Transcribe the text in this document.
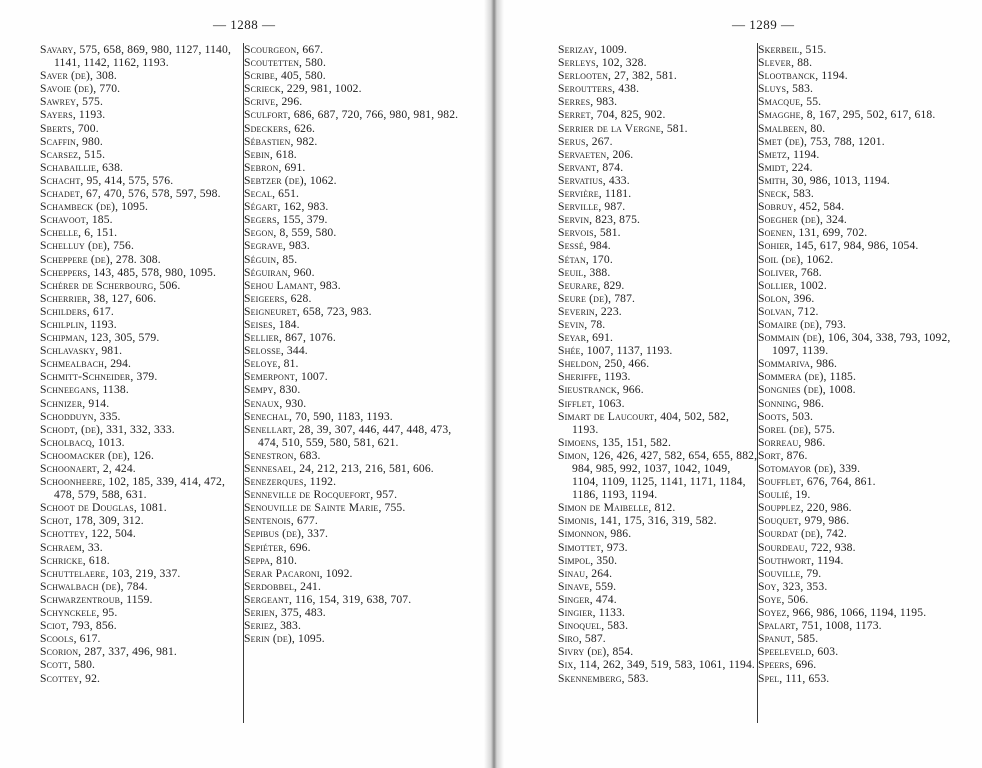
— 1288 —
Savary, 575, 658, 869, 980, 1127, 1140, 1141, 1142, 1162, 1193.
Saver (de), 308.
Savoie (de), 770.
Sawrey, 575.
Sayers, 1193.
Sberts, 700.
Scaffin, 980.
Scarsez, 515.
Schabaillie, 638.
Schacht, 95, 414, 575, 576.
Schadet, 67, 470, 576, 578, 597, 598.
Schambeck (de), 1095.
Schavoot, 185.
Schelle, 6, 151.
Schelluy (de), 756.
Scheppere (de), 278. 308.
Scheppers, 143, 485, 578, 980, 1095.
Schérer de Scherbourg, 506.
Scherrier, 38, 127, 606.
Schilders, 617.
Schilplin, 1193.
Schipman, 123, 305, 579.
Schlavasky, 981.
Schmealbach, 294.
Schmitt-Schneider, 379.
Schneegans, 1138.
Schnizer, 914.
Schodduyn, 335.
Schodt, (de), 331, 332, 333.
Scholbacq, 1013.
Schoomacker (de), 126.
Schoonaert, 2, 424.
Schoonheere, 102, 185, 339, 414, 472, 478, 579, 588, 631.
Schoot de Douglas, 1081.
Schot, 178, 309, 312.
Schottey, 122, 504.
Schraem, 33.
Schricke, 618.
Schuttelaere, 103, 219, 337.
Schwalbach (de), 784.
Schwarzentroub, 1159.
Schynckele, 95.
Sciot, 793, 856.
Scools, 617.
Scorion, 287, 337, 496, 981.
Scott, 580.
Scottey, 92.
Scourgeon, 667.
Scoutetten, 580.
Scribe, 405, 580.
Scrieck, 229, 981, 1002.
Scrive, 296.
Sculfort, 686, 687, 720, 766, 980, 981, 982.
Sdeckers, 626.
Sébastien, 982.
Sebin, 618.
Sebron, 691.
Sebtzer (de), 1062.
Secal, 651.
Ségart, 162, 983.
Segers, 155, 379.
Segon, 8, 559, 580.
Segrave, 983.
Séguin, 85.
Séguiran, 960.
Sehou Lamant, 983.
Seigeers, 628.
Seigneuret, 658, 723, 983.
Seises, 184.
Sellier, 867, 1076.
Selosse, 344.
Seloye, 81.
Semerpont, 1007.
Sempy, 830.
Senaux, 930.
Senechal, 70, 590, 1183, 1193.
Senellart, 28, 39, 307, 446, 447, 448, 473, 474, 510, 559, 580, 581, 621.
Senestron, 683.
Sennesael, 24, 212, 213, 216, 581, 606.
Senezerques, 1192.
Senneville de Rocquefort, 957.
Senouville de Sainte Marie, 755.
Sentenois, 677.
Sepibus (de), 337.
Sepiéter, 696.
Seppa, 810.
Serar Pacaroni, 1092.
Serdobbel, 241.
Sergeant, 116, 154, 319, 638, 707.
Serien, 375, 483.
Seriez, 383.
Serin (de), 1095.
— 1289 —
Serizay, 1009.
Serleys, 102, 328.
Serlooten, 27, 382, 581.
Seroutters, 438.
Serres, 983.
Serret, 704, 825, 902.
Serrier de la Vergne, 581.
Serus, 267.
Servaeten, 206.
Servant, 874.
Servatius, 433.
Servière, 1181.
Serville, 987.
Servin, 823, 875.
Servois, 581.
Sessé, 984.
Sétan, 170.
Seuil, 388.
Seurare, 829.
Seure (de), 787.
Severin, 223.
Sevin, 78.
Seyar, 691.
Shée, 1007, 1137, 1193.
Sheldon, 250, 466.
Sheriffe, 1193.
Sieustranck, 966.
Sifflet, 1063.
Simart de Laucourt, 404, 502, 582, 1193.
Simoens, 135, 151, 582.
Simon, 126, 426, 427, 582, 654, 655, 882, 984, 985, 992, 1037, 1042, 1049, 1104, 1109, 1125, 1141, 1171, 1184, 1186, 1193, 1194.
Simon de Maibelle, 812.
Simonis, 141, 175, 316, 319, 582.
Simonnon, 986.
Simottet, 973.
Simpol, 350.
Sinau, 264.
Sinave, 559.
Singer, 474.
Singier, 1133.
Sinoquel, 583.
Siro, 587.
Sivry (de), 854.
Six, 114, 262, 349, 519, 583, 1061, 1194.
Skennemberg, 583.
Skerbeil, 515.
Slever, 88.
Slootbanck, 1194.
Sluys, 583.
Smacque, 55.
Smagghe, 8, 167, 295, 502, 617, 618.
Smalbeen, 80.
Smet (de), 753, 788, 1201.
Smetz, 1194.
Smidt, 224.
Smith, 30, 986, 1013, 1194.
Sneck, 583.
Sobruy, 452, 584.
Soegher (de), 324.
Soenen, 131, 699, 702.
Sohier, 145, 617, 984, 986, 1054.
Soil (de), 1062.
Soliver, 768.
Sollier, 1002.
Solon, 396.
Solvan, 712.
Somaire (de), 793.
Sommain (de), 106, 304, 338, 793, 1092, 1097, 1139.
Sommariva, 986.
Sommera (de), 1185.
Songnies (de), 1008.
Sonning, 986.
Soots, 503.
Sorel (de), 575.
Sorreau, 986.
Sort, 876.
Sotomayor (de), 339.
Soufflet, 676, 764, 861.
Soulié, 19.
Soupplez, 220, 986.
Souquet, 979, 986.
Sourdat (de), 742.
Sourdeau, 722, 938.
Southwort, 1194.
Souville, 79.
Soy, 323, 353.
Soye, 506.
Soyez, 966, 986, 1066, 1194, 1195.
Spalart, 751, 1008, 1173.
Spanut, 585.
Speeleveld, 603.
Speers, 696.
Spel, 111, 653.
